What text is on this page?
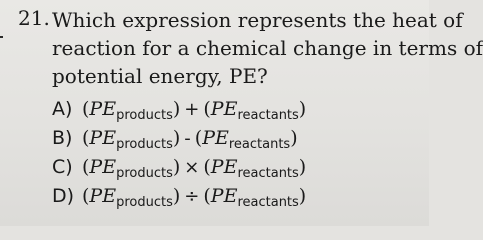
21. Which expression represents the heat of
reaction for a chemical change in terms of
potential energy, PE?
A) $(PE_{products}) + (PE_{reactants})$
B) $(PE_{products}) - (PE_{reactants})$
C) $(PE_{products}) \times (PE_{reactants})$
D) $(PE_{products}) \div (PE_{reactants})$
